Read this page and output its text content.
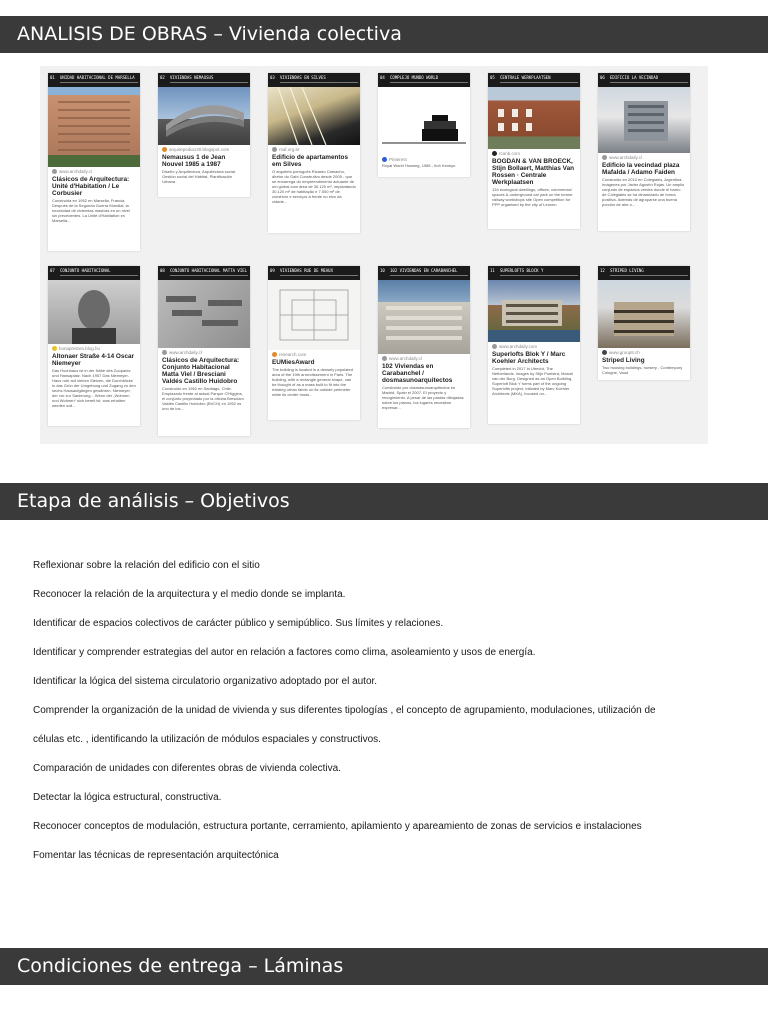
ANALISIS DE OBRAS – Vivienda colectiva
01 UNIDAD HABITACIONAL DE MARSELLA
www.archdaily.cl
Clásicos de Arquitectura: Unité d'Habitation / Le Corbusier
Construida en 1952 en Marsella, Francia. Después de la Segunda Guerra Mundial, la necesidad de viviendas masivas en un nivel sin precedentes. La Unité d'Habitation en Marsella...
02 VIVIENDAS NEMAUSUS
arquitepedia130.blogspot.com
Nemausus 1 de Jean Nouvel 1985 a 1987
Diseño y Arquitectura, Arquitectura social. Gestión social del Hábitat, Planificación Urbana
03 VIVIENDAS EN SILVES
rsaf.org.br
Edificio de apartamentos em Silves
O arquiteto português Ricardo Camacho, diretor do Gabi Construtivo desde 2005 - que se encarrega do empreendimento actuante de um global com área de 30.120 m², implantando 30.120 m² de habitação e 7.000 m² de comércio e serviços à frente no eixo da cidade...
04 COMPLEJO MUNDO WORLD
Pinterest
Royal World Housing, 1985 - Itoh Kenkyu
05 CENTRALE WERKPLAATSEN
rcanb.com
BOGDAN & VAN BROECK, Stijn Bollaert, Matthias Van Rossen · Centrale Werkplaatsen
134 ecological dwellings, offices, commercial spaces & underground car park on the former railway workshops site Open competition for PPP organised by the city of Leuven
06 EDIFICIO LA VECINDAD
www.archdaily.cl
Edificio la vecindad plaza Mafalda / Adamo Faiden
Construido en 2010 en Colegiales, Argentina. Imágenes por Javier Agustín Rojas. Un amplio conjunto de espacios verdes donde el barrio de Colegiales se ha dinamizado de forma positiva. Además de agruparse una buena porción de aire o...
07 CONJUNTO HABITACIONAL
honapretzen.blog.hu
Altonaer Straße 4-14 Oscar Niemeyer
Das Hochhaus ist in der Nähe des Zooparks und Hansaplatz. Nach 1957 Das Niemeyer-Haus ruht auf sieben Stelzen, die Durchblicke in das Grün der Umgebung und Zugang zu den sechs Hausaufgängen gewähren. Niemeyer, der vor zur Sanierung... Wenn der „Wohnen und Wohnen“ sich bereit ist, was erhalten werden soll...
08 CONJUNTO HABITACIONAL MATTA VIEL
www.archdaily.cl
Clásicos de Arquitectura: Conjunto Habitacional Matta Viel / Bresciani Valdés Castillo Huidobro
Construido en 1962 en Santiago, Chile. Emplazado frente al actual Parque O'Higgins, el conjunto proyectado por la oficina Bresciani Valdés Castillo Huidobro (BVCH) en 1952 es uno de los...
09 VIVIENDAS RUE DE MEAUX
research.com
EUMiesAward
The building is located in a densely populated area of the 19th arrondissement in Paris. The building, with a rectangle general shape, can be thought of as a mass built to fit into the existing urban fabric on its outside perimeter while its center hosts...
10 102 VIVIENDAS EN CARABANCHEL
www.archdaily.cl
102 Viviendas en Carabanchel / dosmasunoarquitectos
Construido por dosmasunoarquitectos en Madrid, Spain el 2007. El proyecto y recogimiento. A pesar de las pautas dibujadas sobre los planos, los lugares necesitan expresar...
11 SUPERLOFTS BLOCK Y
www.archdaily.com
Superlofts Blok Y / Marc Koehler Architects
Completed in 2017 in Utrecht, The Netherlands. Images by Stijn Poelstra, Marcel van der Burg. Designed as an Open Building, Superloft Blok Y forms part of the ongoing Superlofts project, initiated by Marc Koehler Architects (MKA), focused on...
12 STRIPED LIVING
www.group8.ch
Striped Living
Two housing buildings, nursery - Contempory Cologne, Vaud
Etapa de análisis – Objetivos
Reflexionar sobre la relación del edificio con el sitio
Reconocer la relación de la arquitectura y el medio donde se implanta.
Identificar de espacios colectivos de carácter público y semipúblico. Sus límites y relaciones.
Identificar y comprender estrategias del autor en relación a factores como clima, asoleamiento y usos de energía.
Identificar la lógica del sistema circulatorio organizativo adoptado por el autor.
Comprender la organización de la unidad de vivienda y sus diferentes tipologías , el concepto de agrupamiento, modulaciones, utilización de
células etc. , identificando la utilización de módulos espaciales y constructivos.
Comparación de unidades con diferentes obras de vivienda colectiva.
Detectar la lógica estructural, constructiva.
Reconocer conceptos de modulación, estructura portante, cerramiento, apilamiento y apareamiento de zonas de servicios e instalaciones
Fomentar las técnicas de representación arquitectónica
Condiciones de entrega – Láminas
